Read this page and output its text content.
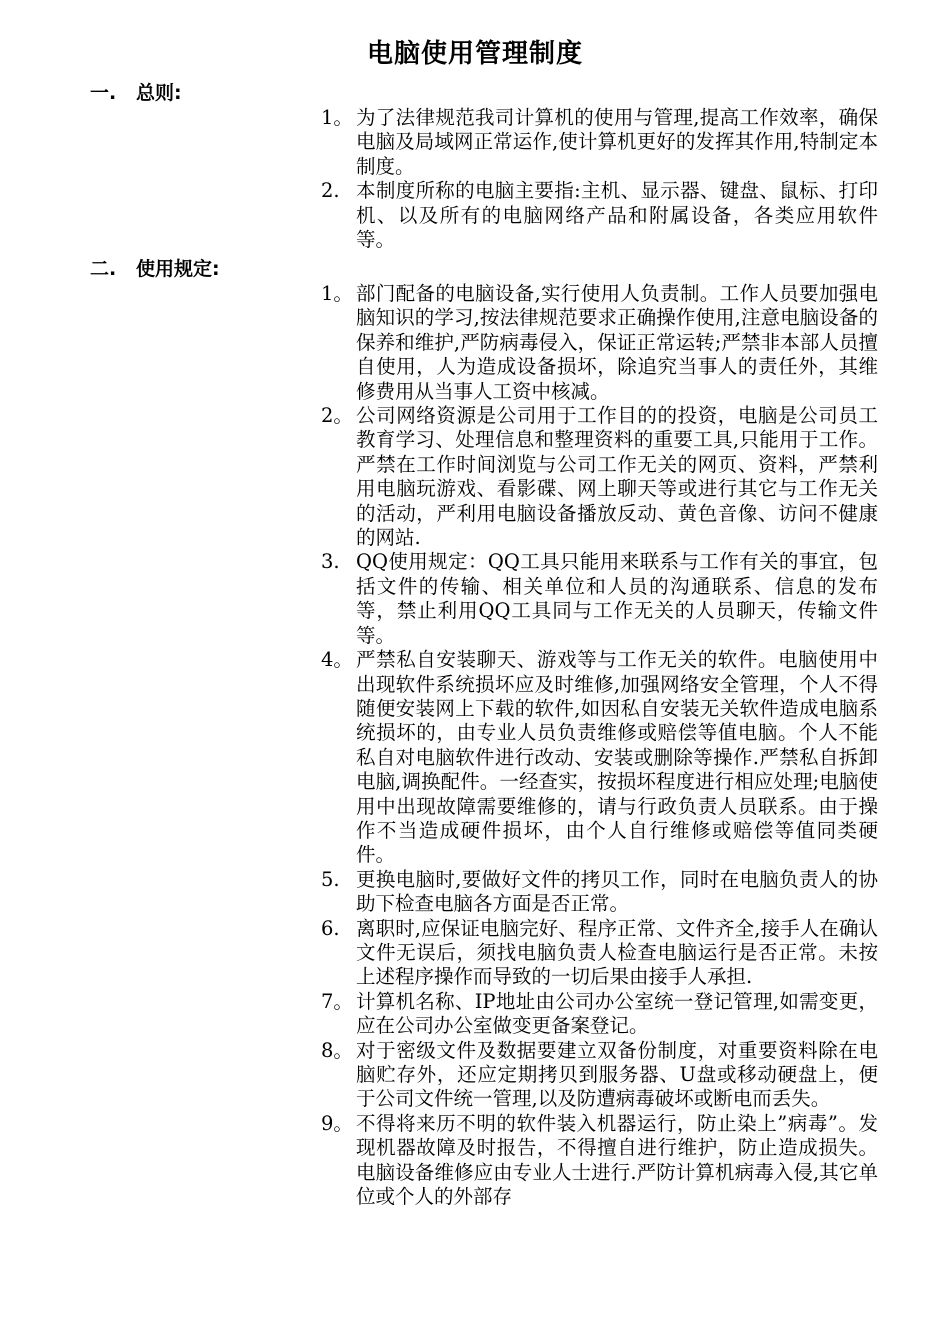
电脑使用管理制度
一. 总则:
1。 为了法律规范我司计算机的使用与管理,提高工作效率，确保电脑及局域网正常运作,使计算机更好的发挥其作用,特制定本制度。
2. 本制度所称的电脑主要指:主机、显示器、键盘、鼠标、打印机、以及所有的电脑网络产品和附属设备，各类应用软件等。
二. 使用规定:
1。 部门配备的电脑设备,实行使用人负责制。工作人员要加强电脑知识的学习,按法律规范要求正确操作使用,注意电脑设备的保养和维护,严防病毒侵入，保证正常运转;严禁非本部人员擅自使用，人为造成设备损坏，除追究当事人的责任外，其维修费用从当事人工资中核减。
2。 公司网络资源是公司用于工作目的的投资，电脑是公司员工教育学习、处理信息和整理资料的重要工具,只能用于工作。严禁在工作时间浏览与公司工作无关的网页、资料，严禁利用电脑玩游戏、看影碟、网上聊天等或进行其它与工作无关的活动，严利用电脑设备播放反动、黄色音像、访问不健康的网站.
3. QQ使用规定：QQ工具只能用来联系与工作有关的事宜，包括文件的传输、相关单位和人员的沟通联系、信息的发布等，禁止利用QQ工具同与工作无关的人员聊天，传输文件等。
4。 严禁私自安装聊天、游戏等与工作无关的软件。电脑使用中出现软件系统损坏应及时维修,加强网络安全管理，个人不得随便安装网上下载的软件,如因私自安装无关软件造成电脑系统损坏的，由专业人员负责维修或赔偿等值电脑。个人不能私自对电脑软件进行改动、安装或删除等操作.严禁私自拆卸电脑,调换配件。一经查实，按损坏程度进行相应处理;电脑使用中出现故障需要维修的，请与行政负责人员联系。由于操作不当造成硬件损坏，由个人自行维修或赔偿等值同类硬件。
5. 更换电脑时,要做好文件的拷贝工作，同时在电脑负责人的协助下检查电脑各方面是否正常。
6. 离职时,应保证电脑完好、程序正常、文件齐全,接手人在确认文件无误后，须找电脑负责人检查电脑运行是否正常。未按上述程序操作而导致的一切后果由接手人承担.
7。 计算机名称、IP地址由公司办公室统一登记管理,如需变更，应在公司办公室做变更备案登记。
8。 对于密级文件及数据要建立双备份制度，对重要资料除在电脑贮存外，还应定期拷贝到服务器、U盘或移动硬盘上，便于公司文件统一管理,以及防遭病毒破坏或断电而丢失。
9。 不得将来历不明的软件装入机器运行，防止染上”病毒”。发现机器故障及时报告，不得擅自进行维护，防止造成损失。电脑设备维修应由专业人士进行.严防计算机病毒入侵,其它单位或个人的外部存
